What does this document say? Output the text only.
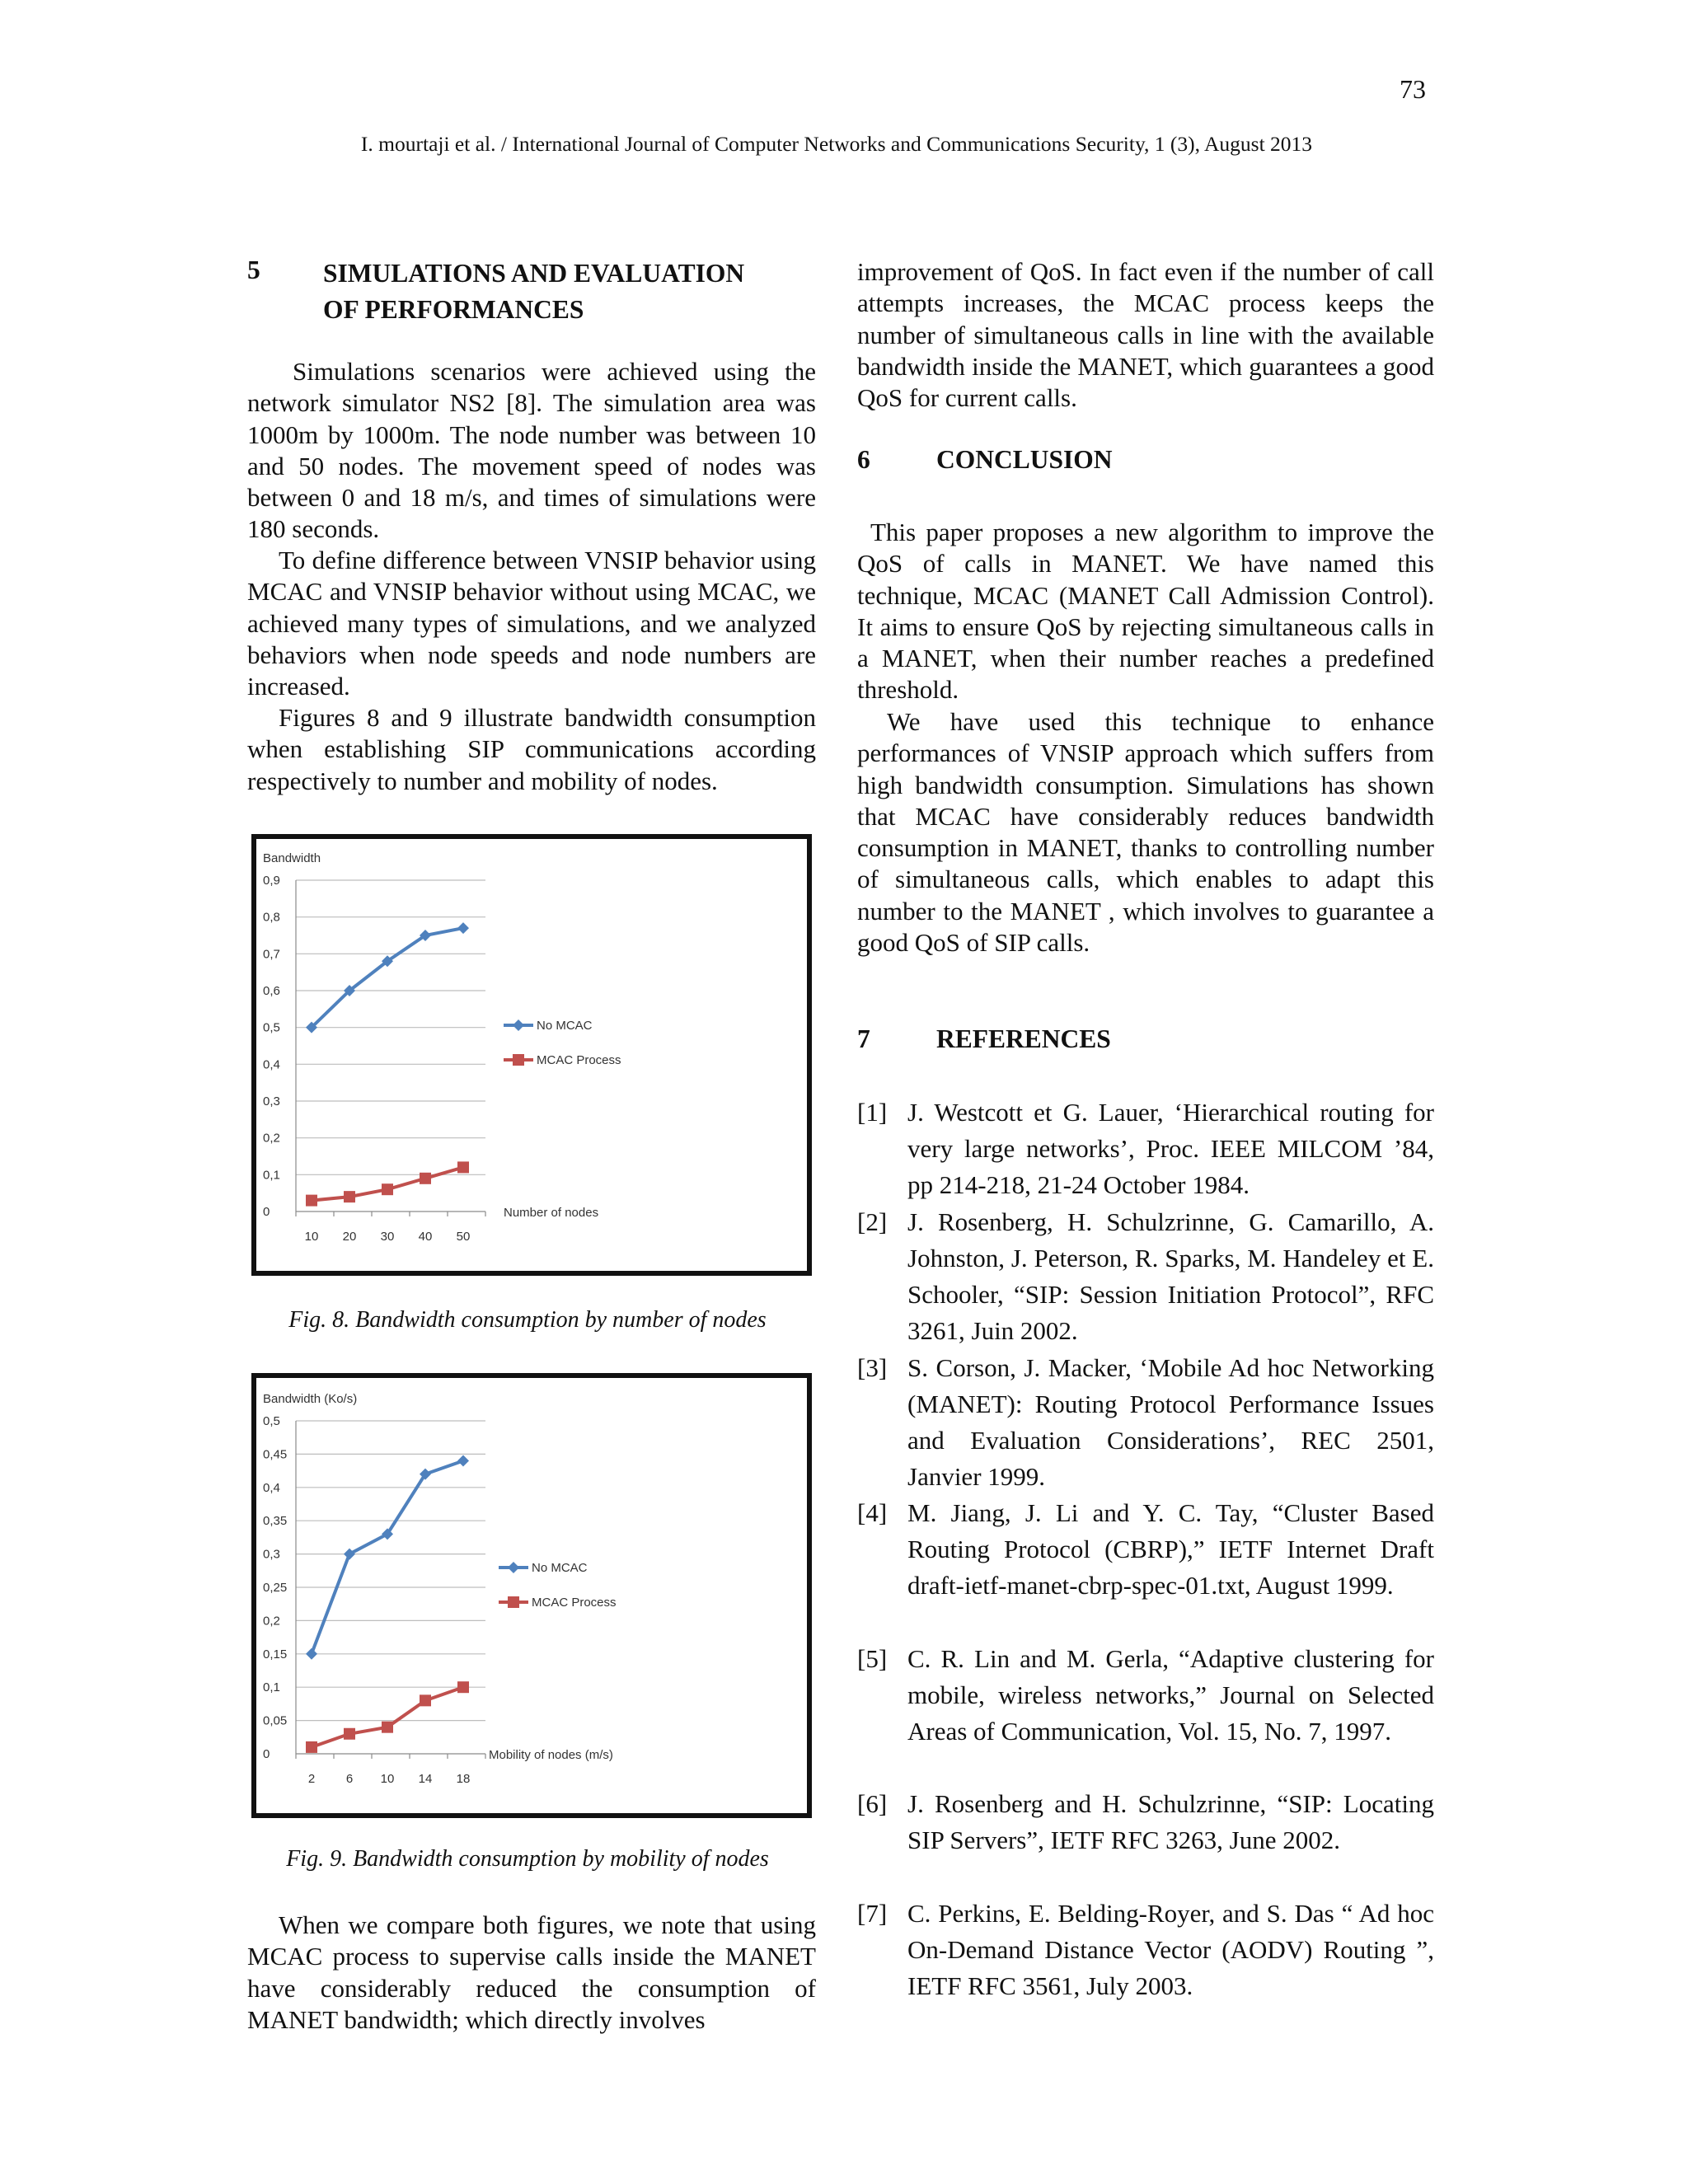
73
I. mourtaji et al. / International Journal of Computer Networks and Communications Security, 1 (3), August 2013
5 SIMULATIONS AND EVALUATION
OF PERFORMANCES
Simulations scenarios were achieved using the network simulator NS2 [8]. The simulation area was 1000m by 1000m. The node number was between 10 and 50 nodes. The movement speed of nodes was between 0 and 18 m/s, and times of simulations were 180 seconds.
To define difference between VNSIP behavior using MCAC and VNSIP behavior without using MCAC, we achieved many types of simulations, and we analyzed behaviors when node speeds and node numbers are increased.
Figures 8 and 9 illustrate bandwidth consumption when establishing SIP communications according respectively to number and mobility of nodes.
Bandwidth
0
0,1
0,2
0,3
0,4
0,5
0,6
0,7
0,8
0,9
10 20 30 40 50
Number of nodes
No MCAC
MCAC Process
Fig. 8. Bandwidth consumption by number of nodes
Bandwidth (Ko/s)
0
0,05
0,1
0,15
0,2
0,25
0,3
0,35
0,4
0,45
0,5
2	6 10 14 18
Mobility of nodes (m/s)
No MCAC
MCAC Process
Fig. 9. Bandwidth consumption by mobility of nodes
When we compare both figures, we note that using MCAC process to supervise calls inside the MANET have considerably reduced the consumption of MANET bandwidth; which directly involves
improvement of QoS. In fact even if the number of call attempts increases, the MCAC process keeps the number of simultaneous calls in line with the available bandwidth inside the MANET, which guarantees a good QoS for current calls.
6	CONCLUSION
This paper proposes a new algorithm to improve the QoS of calls in MANET. We have named this technique, MCAC (MANET Call Admission Control). It aims to ensure QoS by rejecting simultaneous calls in a MANET, when their number reaches a predefined threshold.
We have used this technique to enhance performances of VNSIP approach which suffers from high bandwidth consumption. Simulations has shown that MCAC have considerably reduces bandwidth consumption in MANET, thanks to controlling number of simultaneous calls, which enables to adapt this number to the MANET , which involves to guarantee a good QoS of SIP calls.
7	REFERENCES
[1] J. Westcott et G. Lauer, ‘Hierarchical routing for very large networks’, Proc. IEEE MILCOM ’84, pp 214-218, 21-24 October 1984.
[2] J. Rosenberg, H. Schulzrinne, G. Camarillo, A. Johnston, J. Peterson, R. Sparks, M. Handeley et E. Schooler, “SIP: Session Initiation Protocol”, RFC 3261, Juin 2002.
[3] S. Corson, J. Macker, ‘Mobile Ad hoc Networking (MANET): Routing Protocol Performance Issues and Evaluation Considerations’, REC 2501, Janvier 1999.
[4] M. Jiang, J. Li and Y. C. Tay, “Cluster Based Routing Protocol (CBRP),” IETF Internet Draft draft-ietf-manet-cbrp-spec-01.txt, August 1999.
[5] C. R. Lin and M. Gerla, “Adaptive clustering for mobile, wireless networks,” Journal on Selected Areas of Communication, Vol. 15, No. 7, 1997.
[6] J. Rosenberg and H. Schulzrinne, “SIP: Locating SIP Servers”, IETF RFC 3263, June 2002.
[7] C. Perkins, E. Belding-Royer, and S. Das “ Ad hoc On-Demand Distance Vector (AODV) Routing ”, IETF RFC 3561, July 2003.
